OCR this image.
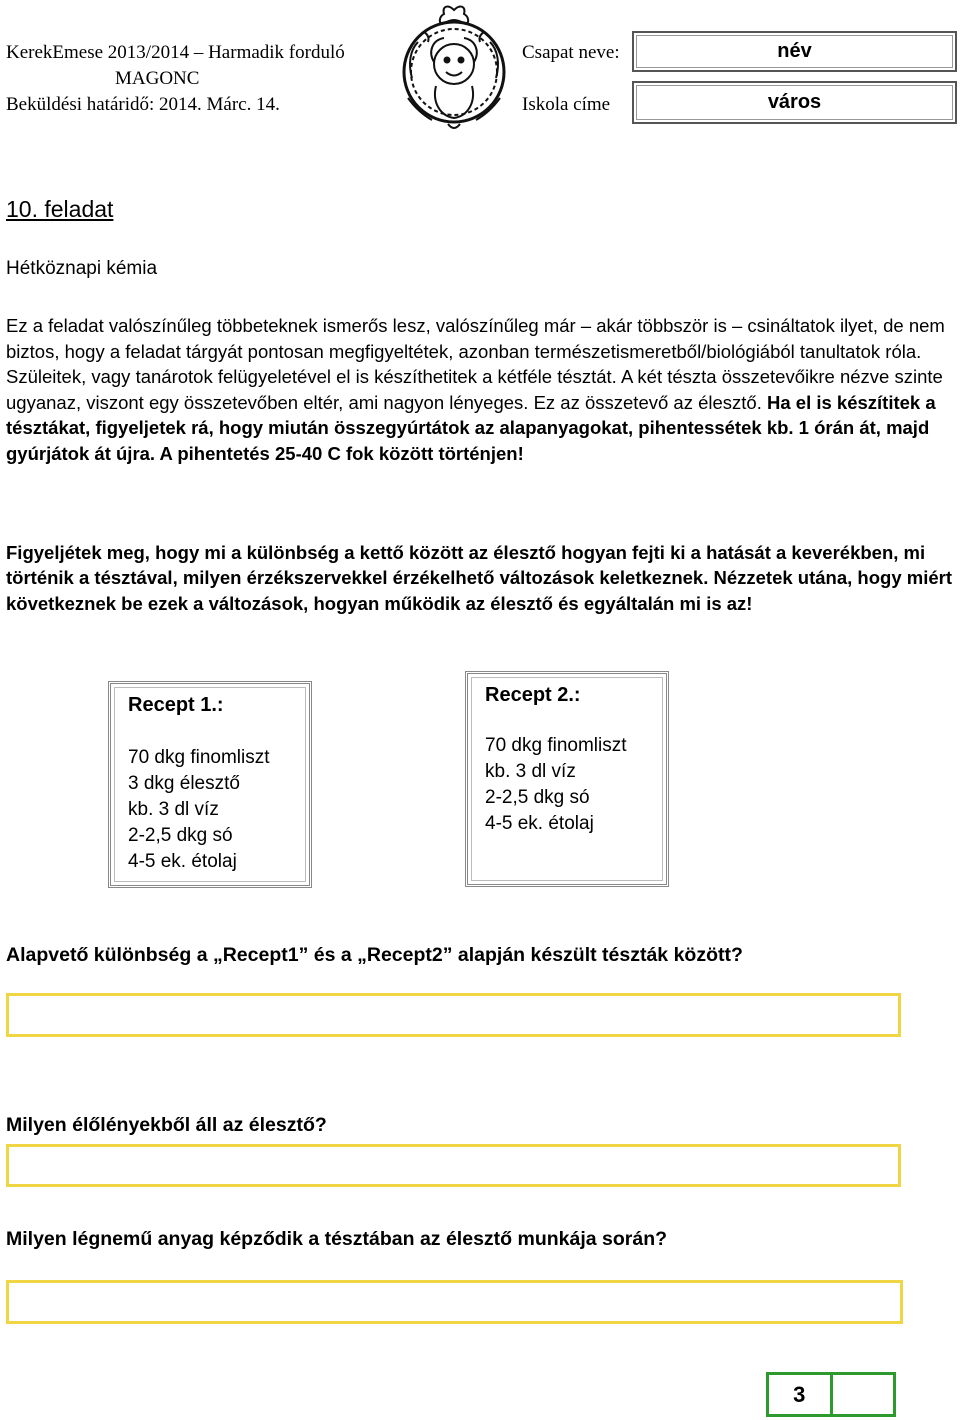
KerekEmese 2013/2014 – Harmadik forduló
MAGONC
Beküldési határidő: 2014. Márc. 14.
Csapat neve:	név
Iskola címe	város
10. feladat
Hétköznapi kémia

Ez a feladat valószínűleg többeteknek ismerős lesz, valószínűleg már – akár többször is – csináltatok ilyet, de nem biztos, hogy a feladat tárgyát pontosan megfigyeltétek, azonban természetismeretből/biológiából tanultatok róla. Szüleitek, vagy tanárotok felügyeletével el is készíthetitek a kétféle tésztát. A két tészta összetevőikre nézve szinte ugyanaz, viszont egy összetevőben eltér, ami nagyon lényeges. Ez az összetevő az élesztő. Ha el is készítitek a tésztákat, figyeljetek rá, hogy miután összegyúrtátok az alapanyagokat, pihentessétek kb. 1 órán át, majd gyúrjátok át újra. A pihentetés 25-40 C fok között történjen!

Figyeljétek meg, hogy mi a különbség a kettő között az élesztő hogyan fejti ki a hatását a keverékben, mi történik a tésztával, milyen érzékszervekkel érzékelhető változások keletkeznek. Nézzetek utána, hogy miért következnek be ezek a változások, hogyan működik az élesztő és egyáltalán mi is az!

Recept 1.:

70 dkg finomliszt
3 dkg élesztő
kb. 3 dl víz
2-2,5 dkg só
4-5 ek. étolaj

Recept 2.:

70 dkg finomliszt
kb. 3 dl víz
2-2,5 dkg só
4-5 ek. étolaj
Alapvető különbség a „Recept1” és a „Recept2” alapján készült tészták között?
Milyen élőlényekből áll az élesztő?
Milyen légnemű anyag képződik a tésztában az élesztő munkája során?
3
